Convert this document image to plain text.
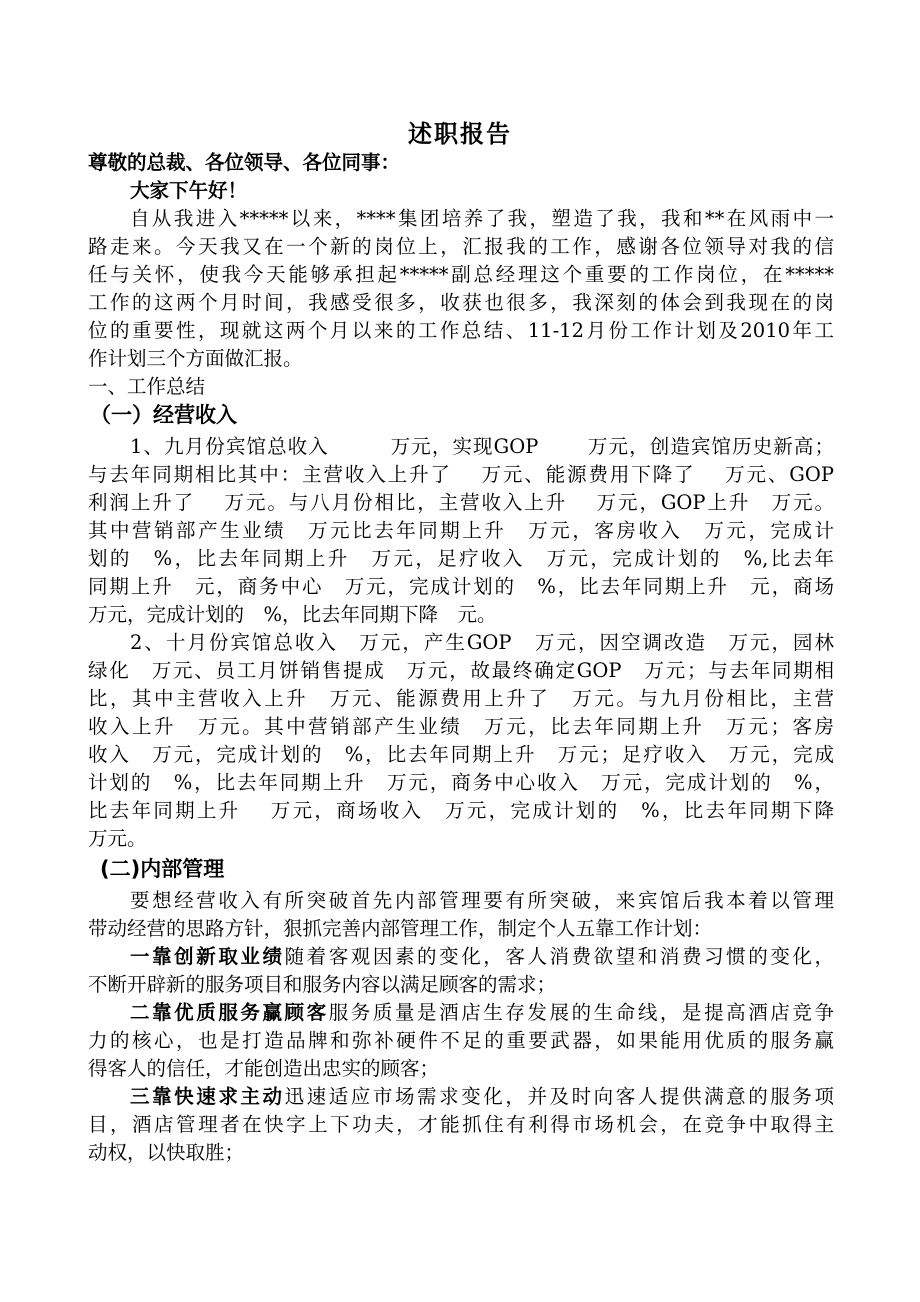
述职报告
尊敬的总裁、各位领导、各位同事：
大家下午好！
自从我进入*****以来，****集团培养了我，塑造了我，我和**在风雨中一
路走来。今天我又在一个新的岗位上，汇报我的工作，感谢各位领导对我的信
任与关怀，使我今天能够承担起*****副总经理这个重要的工作岗位，在*****
工作的这两个月时间，我感受很多，收获也很多，我深刻的体会到我现在的岗
位的重要性，现就这两个月以来的工作总结、11-12月份工作计划及2010年工
作计划三个方面做汇报。
一、工作总结
（一）经营收入
1、九月份宾馆总收入　　　万元，实现GOP　　 万元，创造宾馆历史新高；
与去年同期相比其中：主营收入上升了　 万元、能源费用下降了　 万元、GOP
利润上升了　 万元。与八月份相比，主营收入上升　 万元，GOP上升　万元。
其中营销部产生业绩　万元比去年同期上升　万元，客房收入　万元，完成计
划的　%，比去年同期上升　万元，足疗收入　万元，完成计划的　%,比去年
同期上升　元，商务中心　万元，完成计划的　%，比去年同期上升　元，商场
万元，完成计划的　%，比去年同期下降　元。
2、十月份宾馆总收入　万元，产生GOP　万元，因空调改造　万元，园林
绿化　万元、员工月饼销售提成　万元，故最终确定GOP　万元；与去年同期相
比，其中主营收入上升　万元、能源费用上升了　万元。与九月份相比，主营
收入上升　万元。其中营销部产生业绩　万元，比去年同期上升　万元；客房
收入　万元，完成计划的　%，比去年同期上升　万元；足疗收入　万元，完成
计划的　%，比去年同期上升　万元，商务中心收入　万元，完成计划的　%，
比去年同期上升　 万元，商场收入　万元，完成计划的　%，比去年同期下降
万元。
(二)内部管理
要想经营收入有所突破首先内部管理要有所突破，来宾馆后我本着以管理
带动经营的思路方针，狠抓完善内部管理工作，制定个人五靠工作计划：
一靠创新取业绩随着客观因素的变化，客人消费欲望和消费习惯的变化，
不断开辟新的服务项目和服务内容以满足顾客的需求；
二靠优质服务赢顾客服务质量是酒店生存发展的生命线，是提高酒店竞争
力的核心，也是打造品牌和弥补硬件不足的重要武器，如果能用优质的服务赢
得客人的信任，才能创造出忠实的顾客；
三靠快速求主动迅速适应市场需求变化，并及时向客人提供满意的服务项
目，酒店管理者在快字上下功夫，才能抓住有利得市场机会，在竞争中取得主
动权，以快取胜；
